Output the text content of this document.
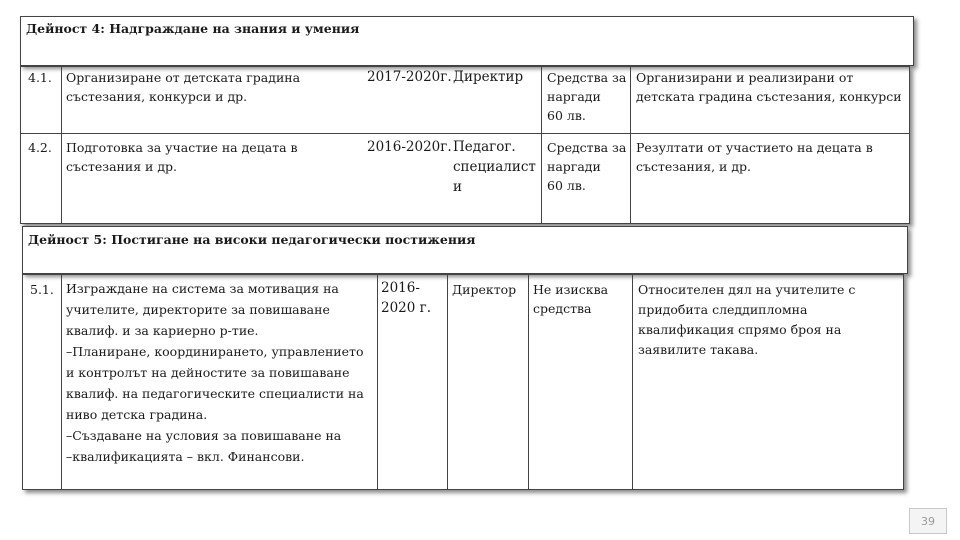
Дейност 4: Надграждане на знания и умения
4.1. Организиране от детската градина
състезания, конкурси и др.
2017-2020г. Директир Средства за
наргади
60 лв.
Организирани и реализирани от
детската градина състезания, конкурси
4.2. Подготовка за участие на децата в
състезания и др.
2016-2020г. Педагог.
специалист
и
Средства за
наргади
60 лв.
Резултати от участието на децата в
състезания, и др.
Дейност 5: Постигане на високи педагогически постижения
5.1. Изграждане на система за мотивация на
учителите, директорите за повишаване
квалиф. и за кариерно р-тие.
–Планиране, координирането, управлението
и контролът на дейностите за повишаване
квалиф. на педагогическите специалисти на
ниво детска градина.
–Създаване на условия за повишаване на
–квалификацията – вкл. Финансови.
2016-
2020 г.
Директор Не изисква
средства
Относителен дял на учителите с
придобита следдипломна
квалификация спрямо броя на
заявилите такава.
39
